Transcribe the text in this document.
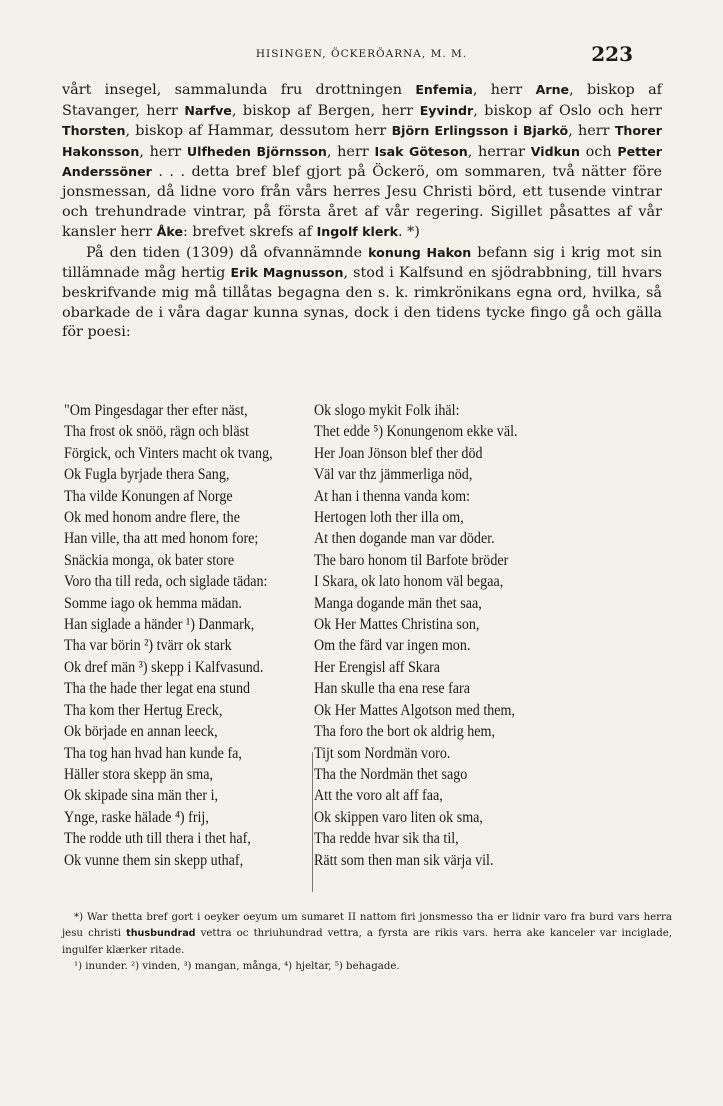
HISINGEN, ÖCKERÖARNA, M. M.	223

vårt insegel, sammalunda fru drottningen Enfemia, herr Arne, biskop af Stavanger, herr Narfve, biskop af Bergen, herr Eyvindr, biskop af Oslo och herr Thorsten, biskop af Hammar, dessutom herr Björn Erlingsson i Bjarkö, herr Thorer Hakonsson, herr Ulfheden Björnsson, herr Isak Göteson, herrar Vidkun och Petter Anderssöner . . . detta bref blef gjort på Öckerö, om sommaren, två nätter före jonsmessan, då lidne voro från vårs herres Jesu Christi börd, ett tusende vintrar och trehundrade vintrar, på första året af vår regering. Sigillet påsattes af vår kansler herr Åke: brefvet skrefs af Ingolf klerk. *)

På den tiden (1309) då ofvannämnde konung Hakon befann sig i krig mot sin tillämnade måg hertig Erik Magnusson, stod i Kalfsund en sjödrabbning, till hvars beskrifvande mig må tillåtas begagna den s. k. rimkrönikans egna ord, hvilka, så obarkade de i våra dagar kunna synas, dock i den tidens tycke fingo gå och gälla för poesi:

"Om Pingesdagar ther efter näst,
Tha frost ok snöö, rägn och bläst
Förgick, och Vinters macht ok tvang,
Ok Fugla byrjade thera Sang,
Tha vilde Konungen af Norge
Ok med honom andre flere, the
Han ville, tha att med honom fore;
Snäckia monga, ok bater store
Voro tha till reda, och siglade tädan:
Somme iago ok hemma mädan.
Han siglade a händer ¹) Danmark,
Tha var börin ²) tvärr ok stark
Ok dref män ³) skepp i Kalfvasund.
Tha the hade ther legat ena stund
Tha kom ther Hertug Ereck,
Ok började en annan leeck,
Tha tog han hvad han kunde fa,
Häller stora skepp än sma,
Ok skipade sina män ther i,
Ynge, raske hälade ⁴) frij,
The rodde uth till thera i thet haf,
Ok vunne them sin skepp uthaf,
Ok slogo mykit Folk ihäl:
Thet edde ⁵) Konungenom ekke väl.
Her Joan Jönson blef ther död
Väl var thz jämmerliga nöd,
At han i thenna vanda kom:
Hertogen loth ther illa om,
At then dogande man var döder.
The baro honom til Barfote bröder
I Skara, ok lato honom väl begaa,
Manga dogande män thet saa,
Ok Her Mattes Christina son,
Om the färd var ingen mon.
Her Erengisl aff Skara
Han skulle tha ena rese fara
Ok Her Mattes Algotson med them,
Tha foro the bort ok aldrig hem,
Tijt som Nordmän voro.
Tha the Nordmän thet sago
Att the voro alt aff faa,
Ok skippen varo liten ok sma,
Tha redde hvar sik tha til,
Rätt som then man sik värja vil.

*) War thetta bref gort i oeyker oeyum um sumaret II nattom firi jonsmesso tha er lidnir varo fra burd vars herra jesu christi thusbundrad vettra oc thriuhundrad vettra, a fyrsta are rikis vars. herra ake kanceler var inciglade, ingulfer klærker ritade.

¹) inunder. ²) vinden, ³) mangan, många, ⁴) hjeltar, ⁵) behagade.
